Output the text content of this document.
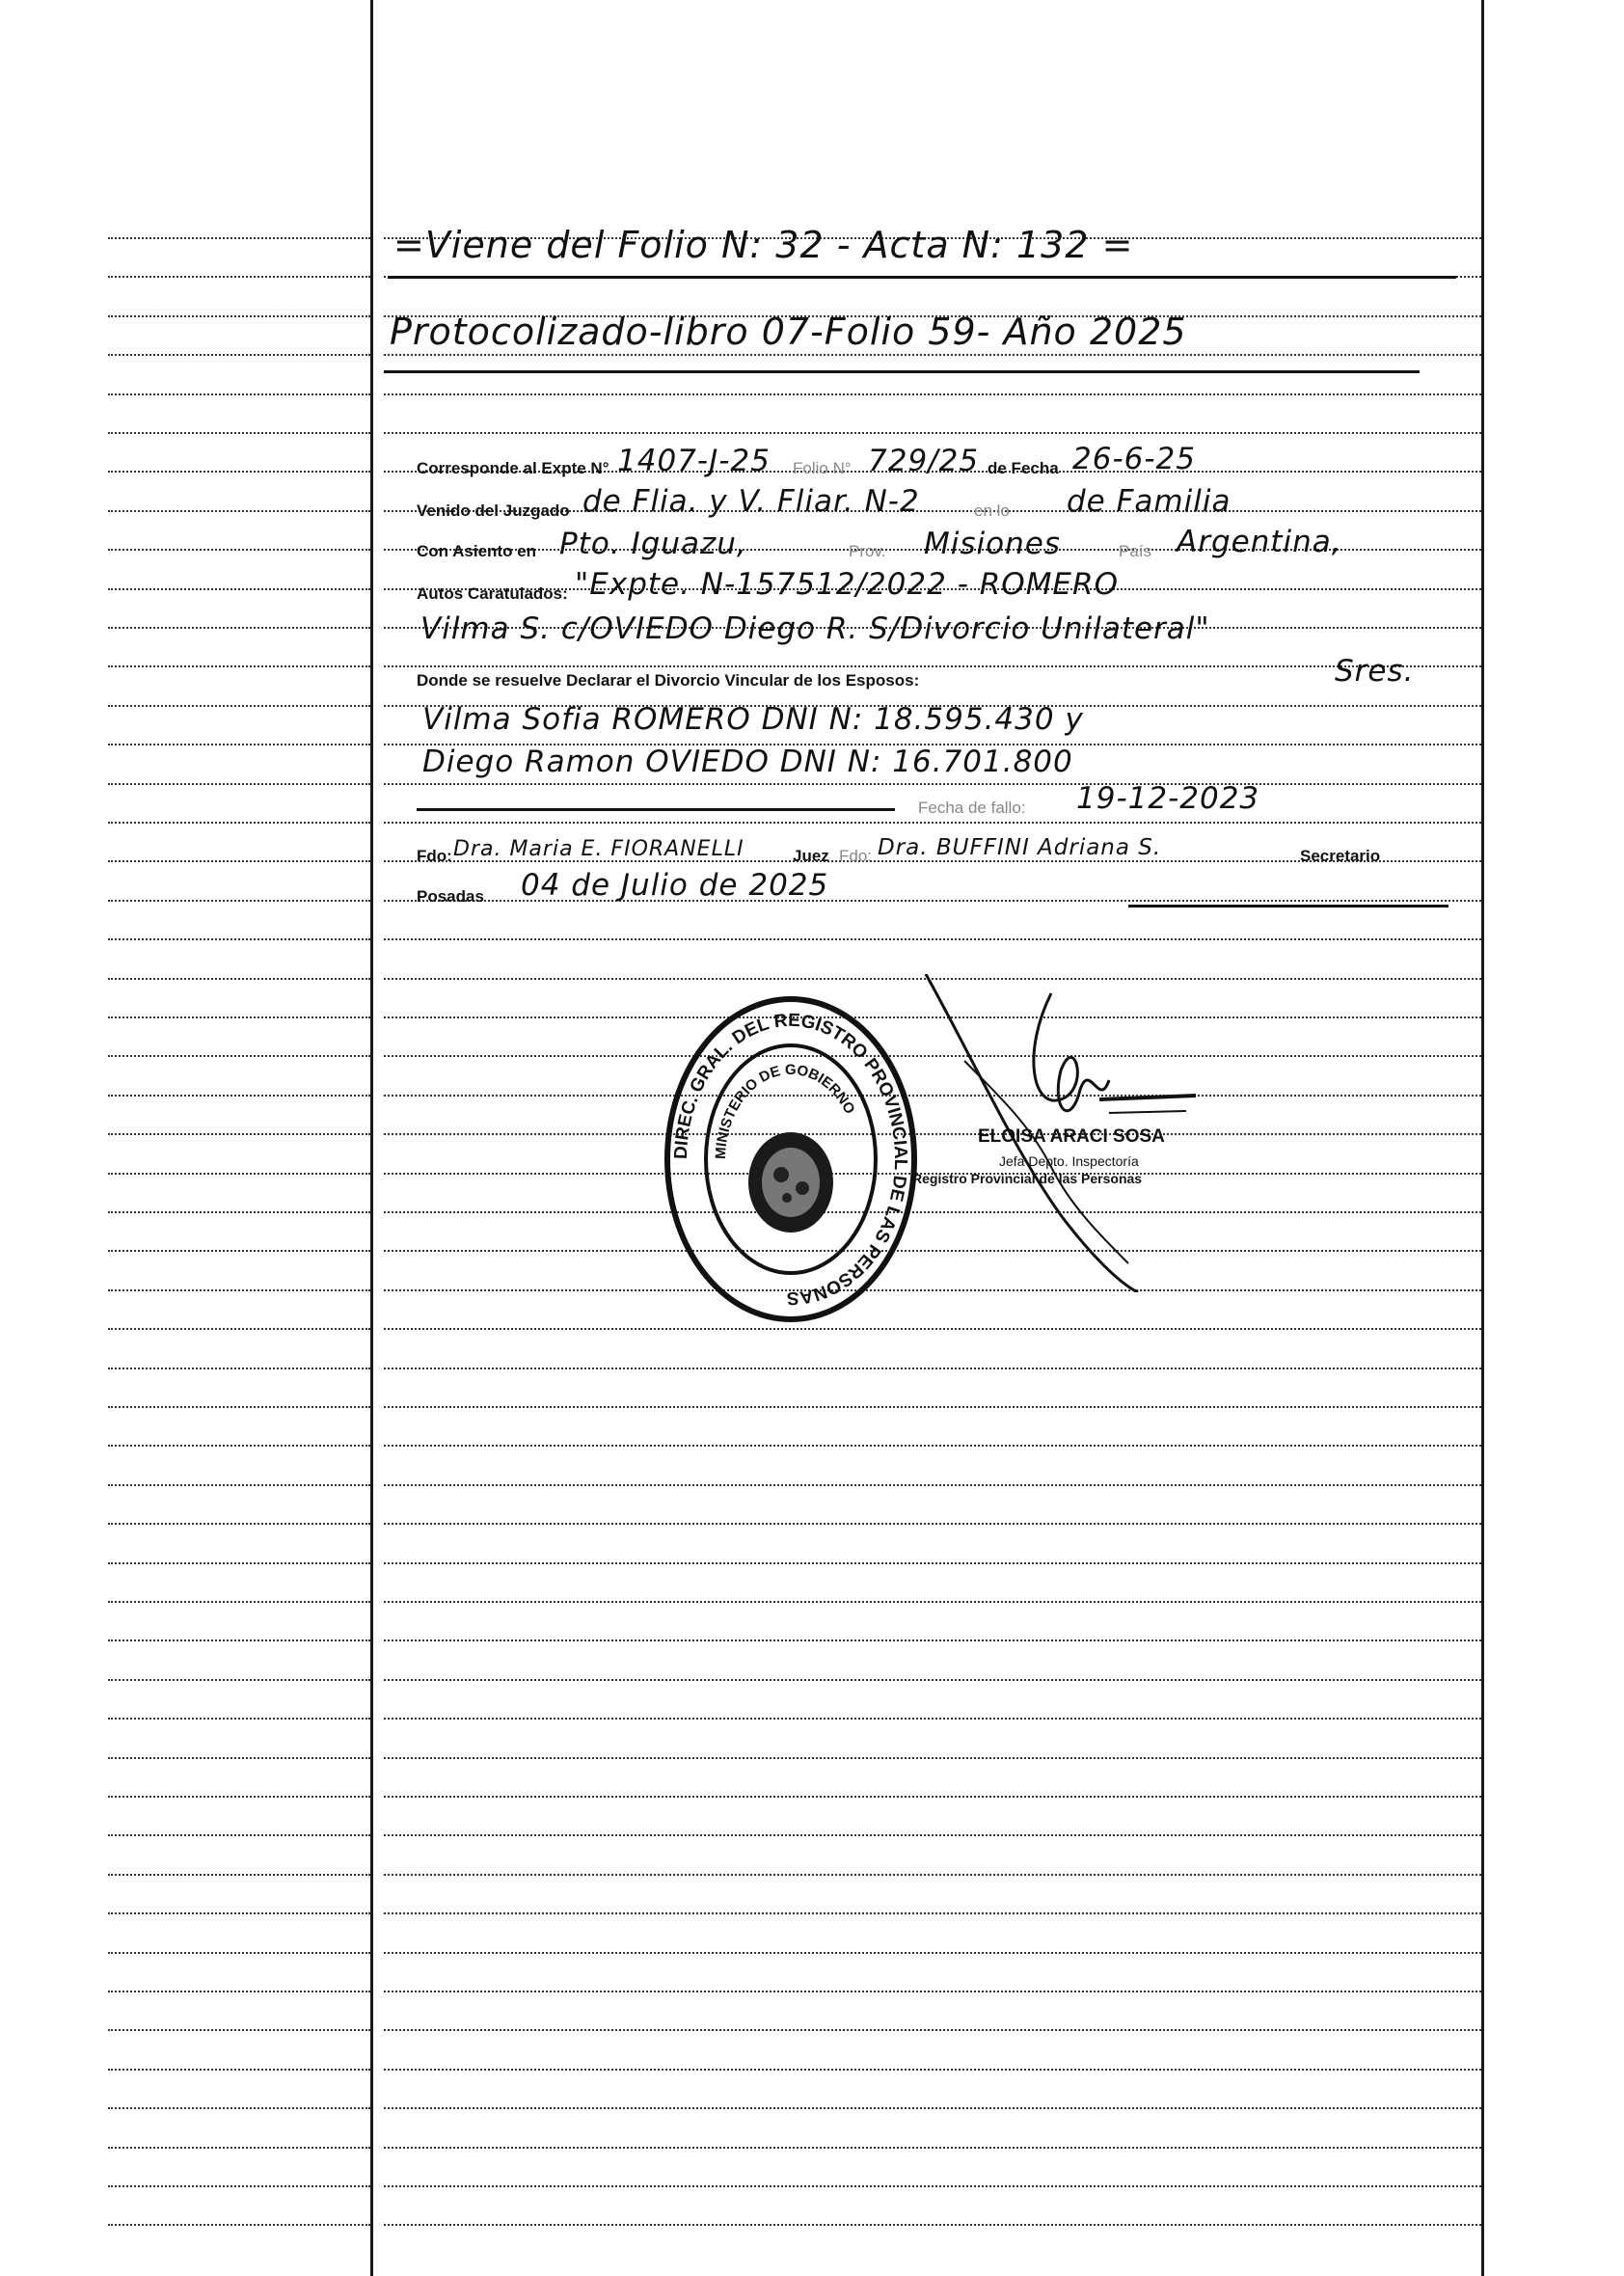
=Viene del Folio N: 32 - Acta N: 132 =
Protocolizado-libro 07-Folio 59- Año 2025
Corresponde al Expte N° 1407-J-25 Folio N° 729/25 de Fecha 26-6-25
Venido del Juzgado de Flia. y V. Fliar. N-2	en lo de Familia
Con Asiento en Pto. Iguazu,	Prov. Misiones	País Argentina,
Autos Caratulados: "Expte. N-157512/2022 - ROMERO
Vilma S. c/OVIEDO Diego R. S/Divorcio Unilateral"
Donde se resuelve Declarar el Divorcio Vincular de los Esposos:	Sres.
Vilma Sofia ROMERO DNI N: 18.595.430 y
Diego Ramon OVIEDO DNI N: 16.701.800
Fecha de fallo: 19-12-2023
Fdo: Dra. Maria E. FIORANELLI	Juez Fdo: Dra. BUFFINI Adriana S.	Secretario
Posadas 04 de Julio de 2025
DIREC. GRAL. DEL REGISTRO PROVINCIAL DE LAS PERSONAS
MINISTERIO DE GOBIERNO
ELOISA ARACI SOSA
Jefa Depto. Inspectoría
Registro Provincial de las Personas
